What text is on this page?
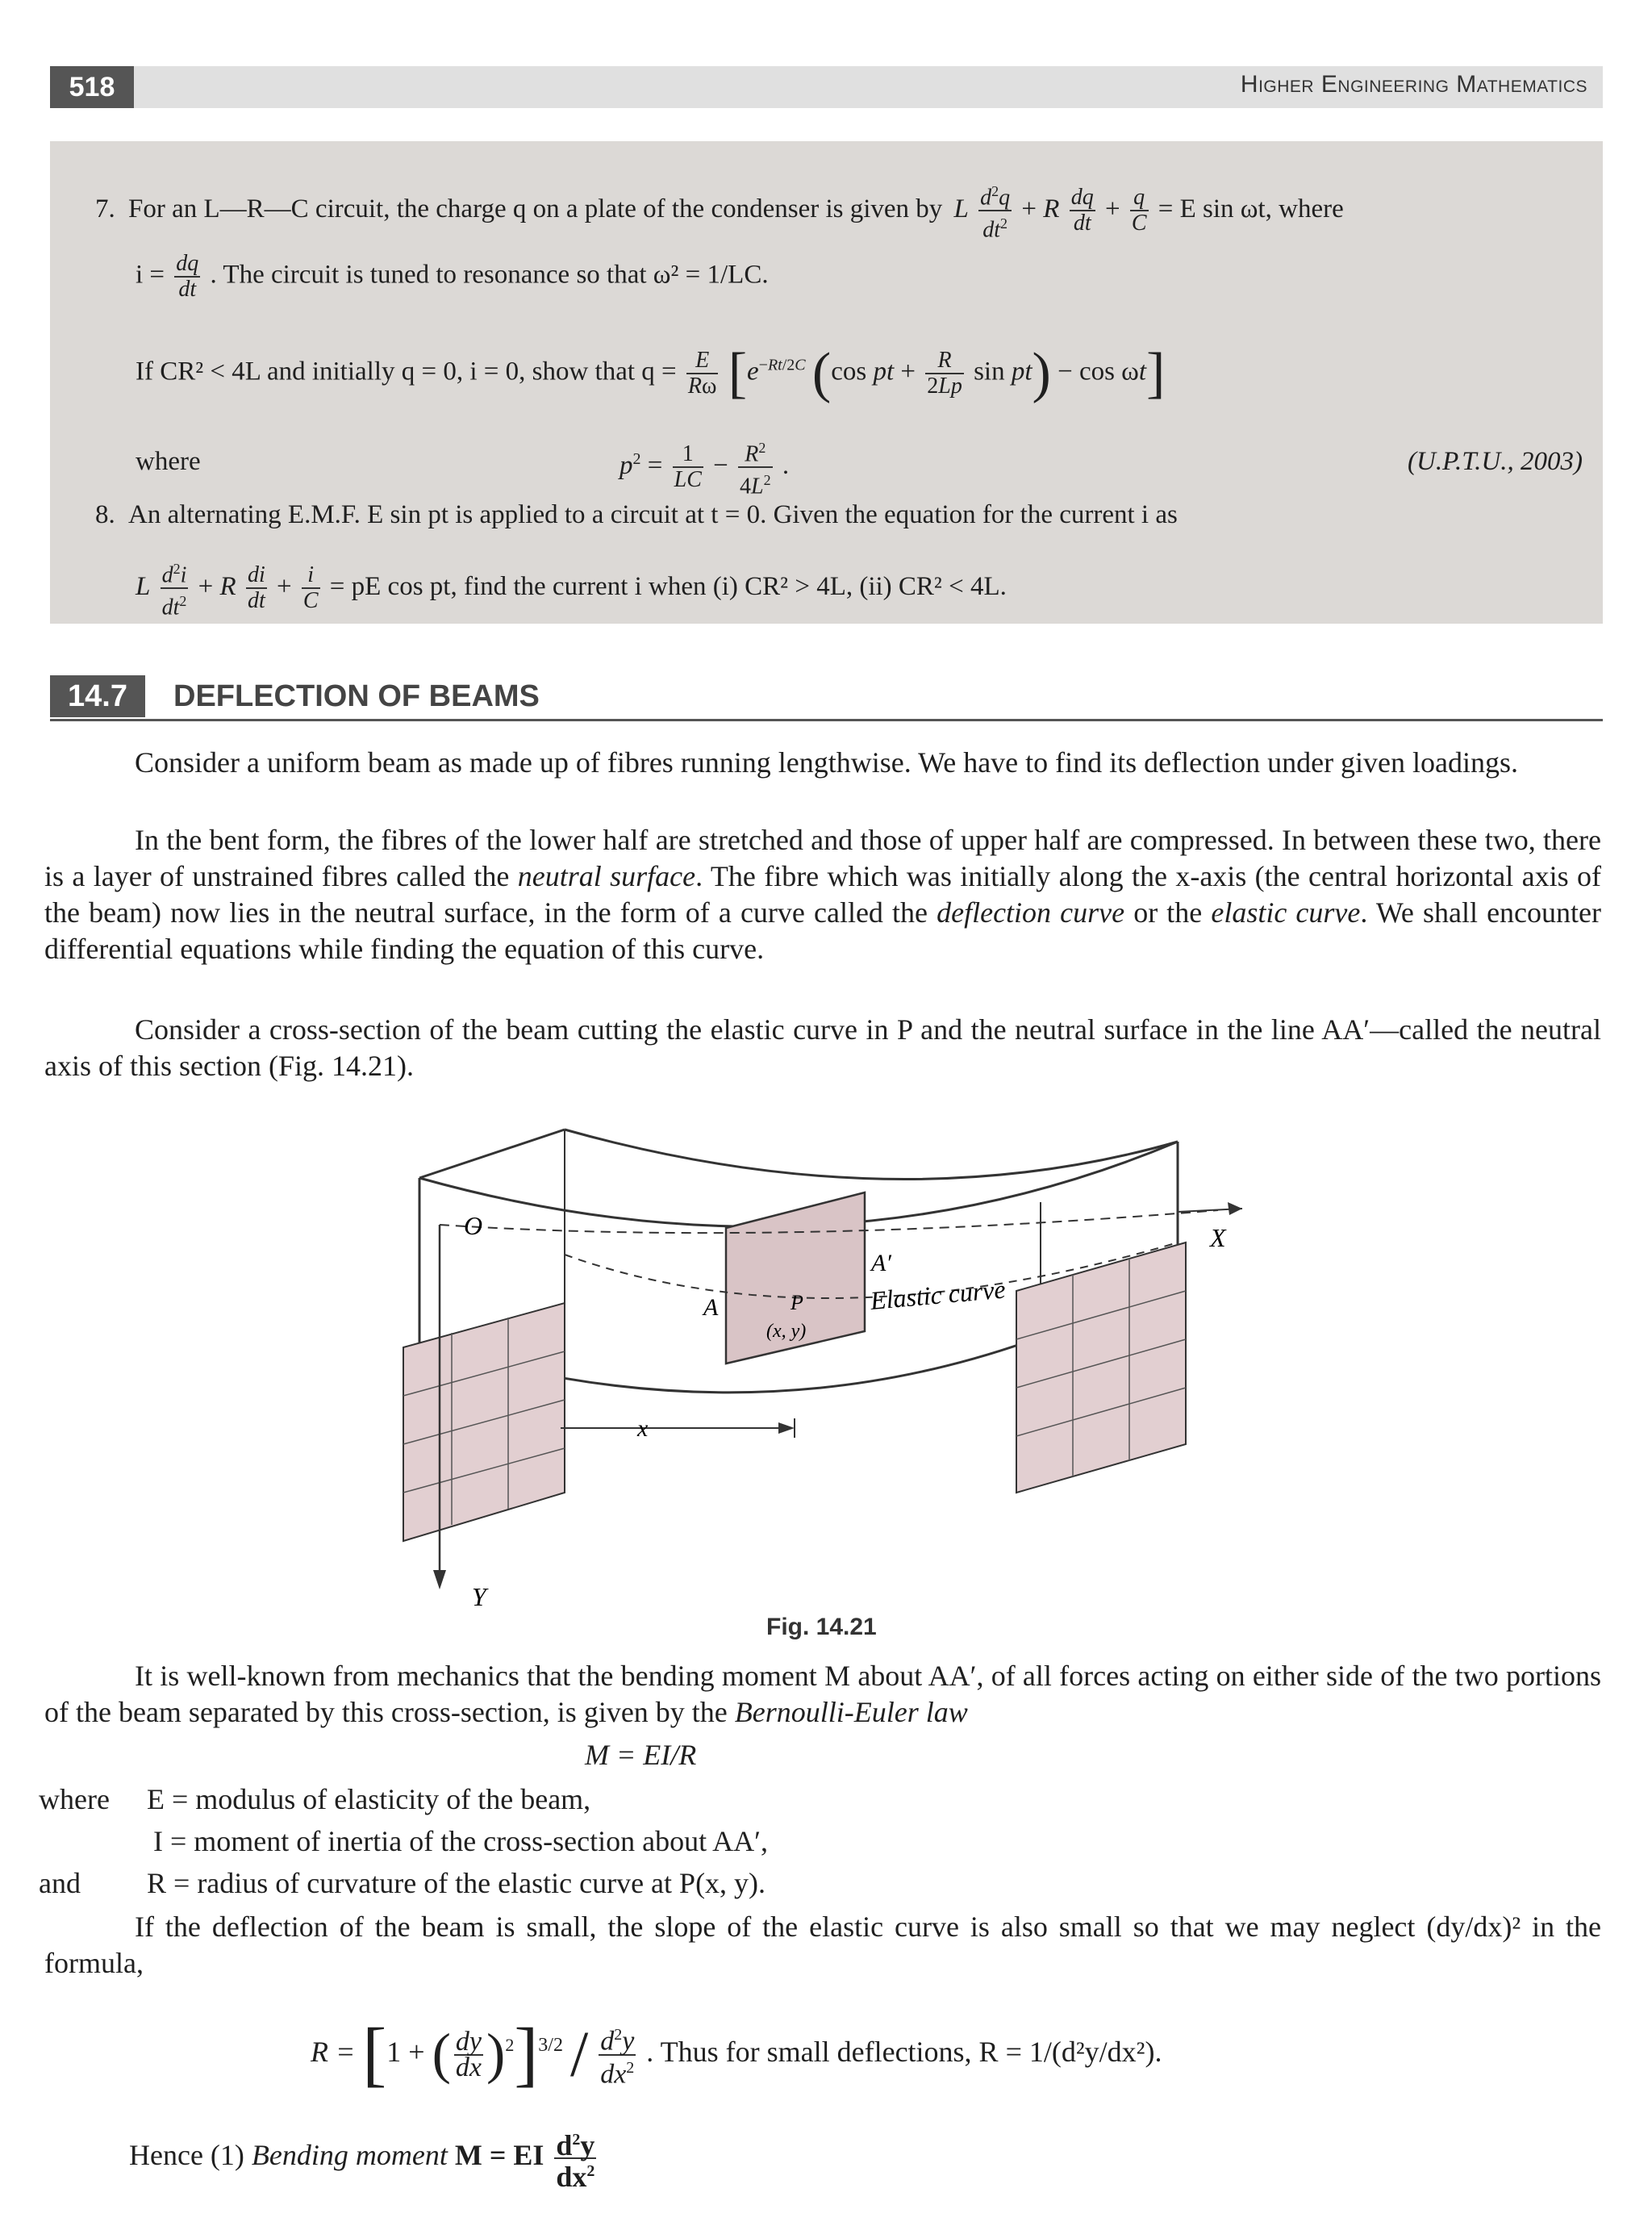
518	Higher Engineering Mathematics
7. For an L—R—C circuit, the charge q on a plate of the condenser is given by L $\frac{d^2q}{dt^2} + R \frac{dq}{dt} + \frac{q}{C} = E$ sin ωt, where
$i = \frac{dq}{dt}$ . The circuit is tuned to resonance so that ω² = 1/LC.
If CR² < 4L and initially q = 0, i = 0, show that $q = \frac{E}{R\omega} [e^{-Rt/2C}$ (cos pt + $\frac{R}{2Lp}$ sin pt) − cos ωt]
where	$p^2 = \frac{1}{LC} - \frac{R^2}{4L^2}$ .	(U.P.T.U., 2003)
8. An alternating E.M.F. E sin pt is applied to a circuit at t = 0. Given the equation for the current i as
L $\frac{d^2i}{dt^2} + R \frac{di}{dt} + \frac{i}{C}$ = pE cos pt, find the current i when (i) CR² > 4L, (ii) CR² < 4L.
14.7	DEFLECTION OF BEAMS

Consider a uniform beam as made up of fibres running lengthwise. We have to find its deflection under given loadings.

In the bent form, the fibres of the lower half are stretched and those of upper half are compressed. In between these two, there is a layer of unstrained fibres called the neutral surface. The fibre which was initially along the x-axis (the central horizontal axis of the beam) now lies in the neutral surface, in the form of a curve called the deflection curve or the elastic curve. We shall encounter differential equations while finding the equation of this curve.

Consider a cross-section of the beam cutting the elastic curve in P and the neutral surface in the line AA′—called the neutral axis of this section (Fig. 14.21).

O	X
Y
x
A
A′
P
(x, y)
Elastic curve
Fig. 14.21

It is well-known from mechanics that the bending moment M about AA′, of all forces acting on either side of the two portions of the beam separated by this cross-section, is given by the Bernoulli-Euler law

M = EI/R
where E = modulus of elasticity of the beam,
I = moment of inertia of the cross-section about AA′,
and R = radius of curvature of the elastic curve at P(x, y).

If the deflection of the beam is small, the slope of the elastic curve is also small so that we may neglect (dy/dx)² in the formula,

R = [1 + ( $\frac{dy}{dx} )^2]^{3/2} / \frac{d^2y}{dx^2}$ . Thus for small deflections, R = 1/(d²y/dx²).
Hence (1) Bending moment M = EI $\frac{d^2y}{dx^2}$
